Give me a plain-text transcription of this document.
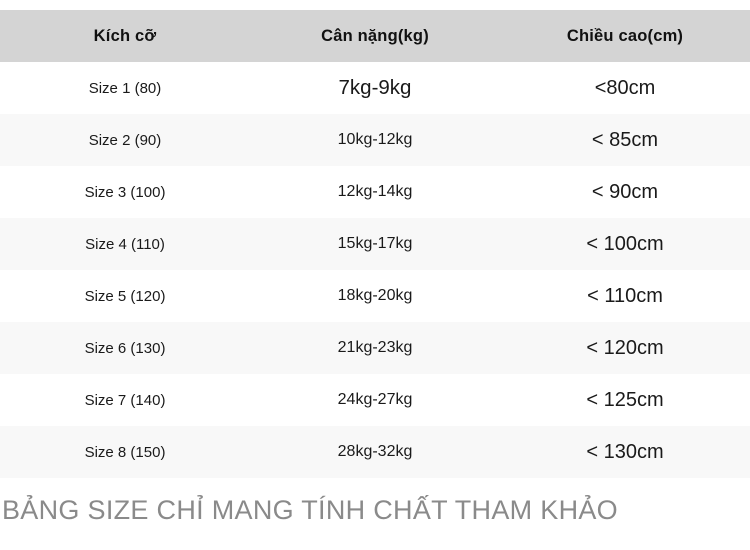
Kích cỡ	Cân nặng(kg)	Chiều cao(cm)
Size 1 (80)	7kg-9kg	<80cm
Size 2 (90)	10kg-12kg	< 85cm
Size 3 (100)	12kg-14kg	< 90cm
Size 4 (110)	15kg-17kg	< 100cm
Size 5 (120)	18kg-20kg	< 110cm
Size 6 (130)	21kg-23kg	< 120cm
Size 7 (140)	24kg-27kg	< 125cm
Size 8 (150)	28kg-32kg	< 130cm
BẢNG SIZE CHỈ MANG TÍNH CHẤT THAM KHẢO
